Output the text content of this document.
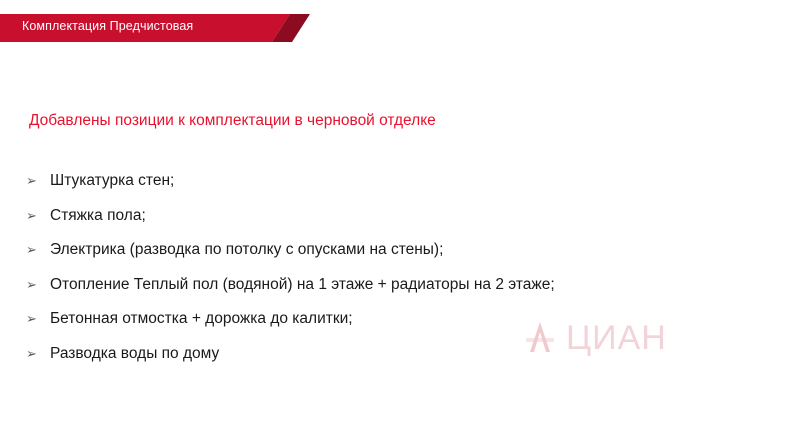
Комплектация Предчистовая
Добавлены позиции к комплектации в черновой отделке
➢ Штукатурка стен;
➢ Стяжка пола;
➢ Электрика (разводка по потолку с опусками на стены);
➢ Отопление Теплый пол (водяной) на 1 этаже + радиаторы на 2 этаже;
➢ Бетонная отмостка + дорожка до калитки;
➢ Разводка воды по дому	ЦИАН
